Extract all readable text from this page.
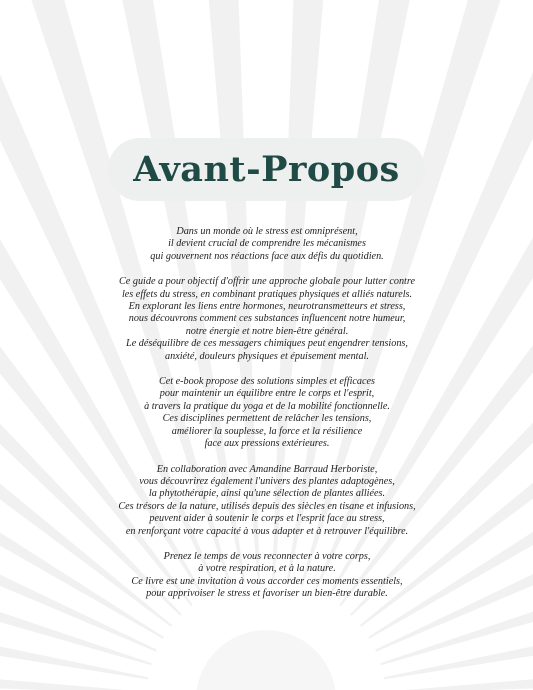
Avant-Propos

Dans un monde où le stress est omniprésent,
il devient crucial de comprendre les mécanismes
qui gouvernent nos réactions face aux défis du quotidien.

Ce guide a pour objectif d'offrir une approche globale pour lutter contre
les effets du stress, en combinant pratiques physiques et alliés naturels.
En explorant les liens entre hormones, neurotransmetteurs et stress,
nous découvrons comment ces substances influencent notre humeur,
notre énergie et notre bien-être général.
Le déséquilibre de ces messagers chimiques peut engendrer tensions,
anxiété, douleurs physiques et épuisement mental.

Cet e-book propose des solutions simples et efficaces
pour maintenir un équilibre entre le corps et l'esprit,
à travers la pratique du yoga et de la mobilité fonctionnelle.
Ces disciplines permettent de relâcher les tensions,
améliorer la souplesse, la force et la résilience
face aux pressions extérieures.

En collaboration avec Amandine Barraud Herboriste,
vous découvrirez également l'univers des plantes adaptogènes,
la phytothérapie, ainsi qu'une sélection de plantes alliées.
Ces trésors de la nature, utilisés depuis des siècles en tisane et infusions,
peuvent aider à soutenir le corps et l'esprit face au stress,
en renforçant votre capacité à vous adapter et à retrouver l'équilibre.

Prenez le temps de vous reconnecter à votre corps,
à votre respiration, et à la nature.
Ce livre est une invitation à vous accorder ces moments essentiels,
pour apprivoiser le stress et favoriser un bien-être durable.
